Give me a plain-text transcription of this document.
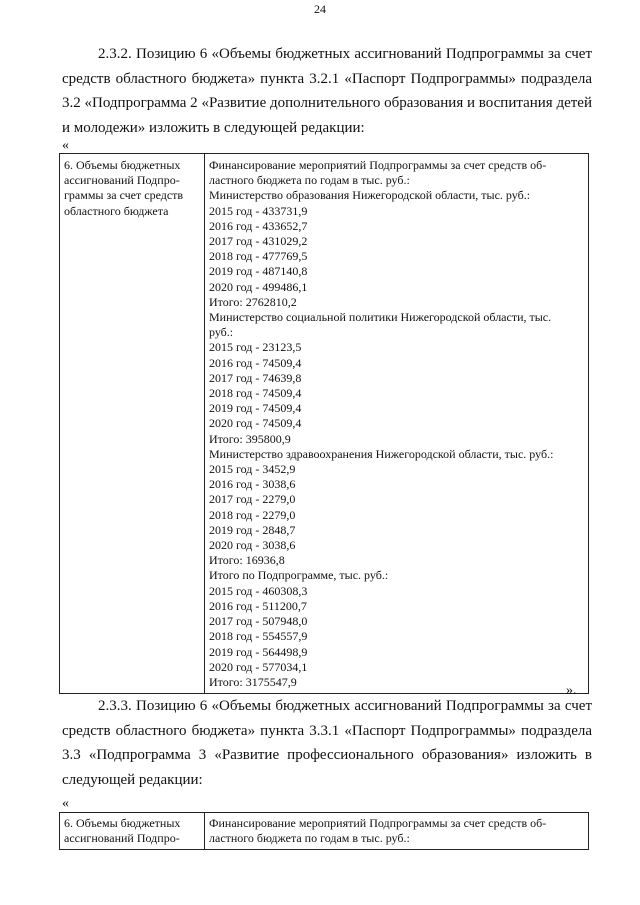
24
2.3.2. Позицию 6 «Объемы бюджетных ассигнований Подпрограммы за счет
средств областного бюджета» пункта 3.2.1 «Паспорт Подпрограммы» подраздела
3.2 «Подпрограмма 2 «Развитие дополнительного образования и воспитания детей
и молодежи» изложить в следующей редакции:
«
6. Объемы бюджетных
ассигнований Подпро-
граммы за счет средств
областного бюджета

Финансирование мероприятий Подпрограммы за счет средств об-
ластного бюджета по годам в тыс. руб.:
Министерство образования Нижегородской области, тыс. руб.:
2015 год - 433731,9
2016 год - 433652,7
2017 год - 431029,2
2018 год - 477769,5
2019 год - 487140,8
2020 год - 499486,1
Итого: 2762810,2
Министерство социальной политики Нижегородской области, тыс.
руб.:
2015 год - 23123,5
2016 год - 74509,4
2017 год - 74639,8
2018 год - 74509,4
2019 год - 74509,4
2020 год - 74509,4
Итого: 395800,9
Министерство здравоохранения Нижегородской области, тыс. руб.:
2015 год - 3452,9
2016 год - 3038,6
2017 год - 2279,0
2018 год - 2279,0
2019 год - 2848,7
2020 год - 3038,6
Итого: 16936,8
Итого по Подпрограмме, тыс. руб.:
2015 год - 460308,3
2016 год - 511200,7
2017 год - 507948,0
2018 год - 554557,9
2019 год - 564498,9
2020 год - 577034,1
Итого: 3175547,9
».
2.3.3. Позицию 6 «Объемы бюджетных ассигнований Подпрограммы за счет
средств областного бюджета» пункта 3.3.1 «Паспорт Подпрограммы» подраздела
3.3 «Подпрограмма 3 «Развитие профессионального образования» изложить в
следующей редакции:
«
6. Объемы бюджетных
ассигнований Подпро-

Финансирование мероприятий Подпрограммы за счет средств об-
ластного бюджета по годам в тыс. руб.:
